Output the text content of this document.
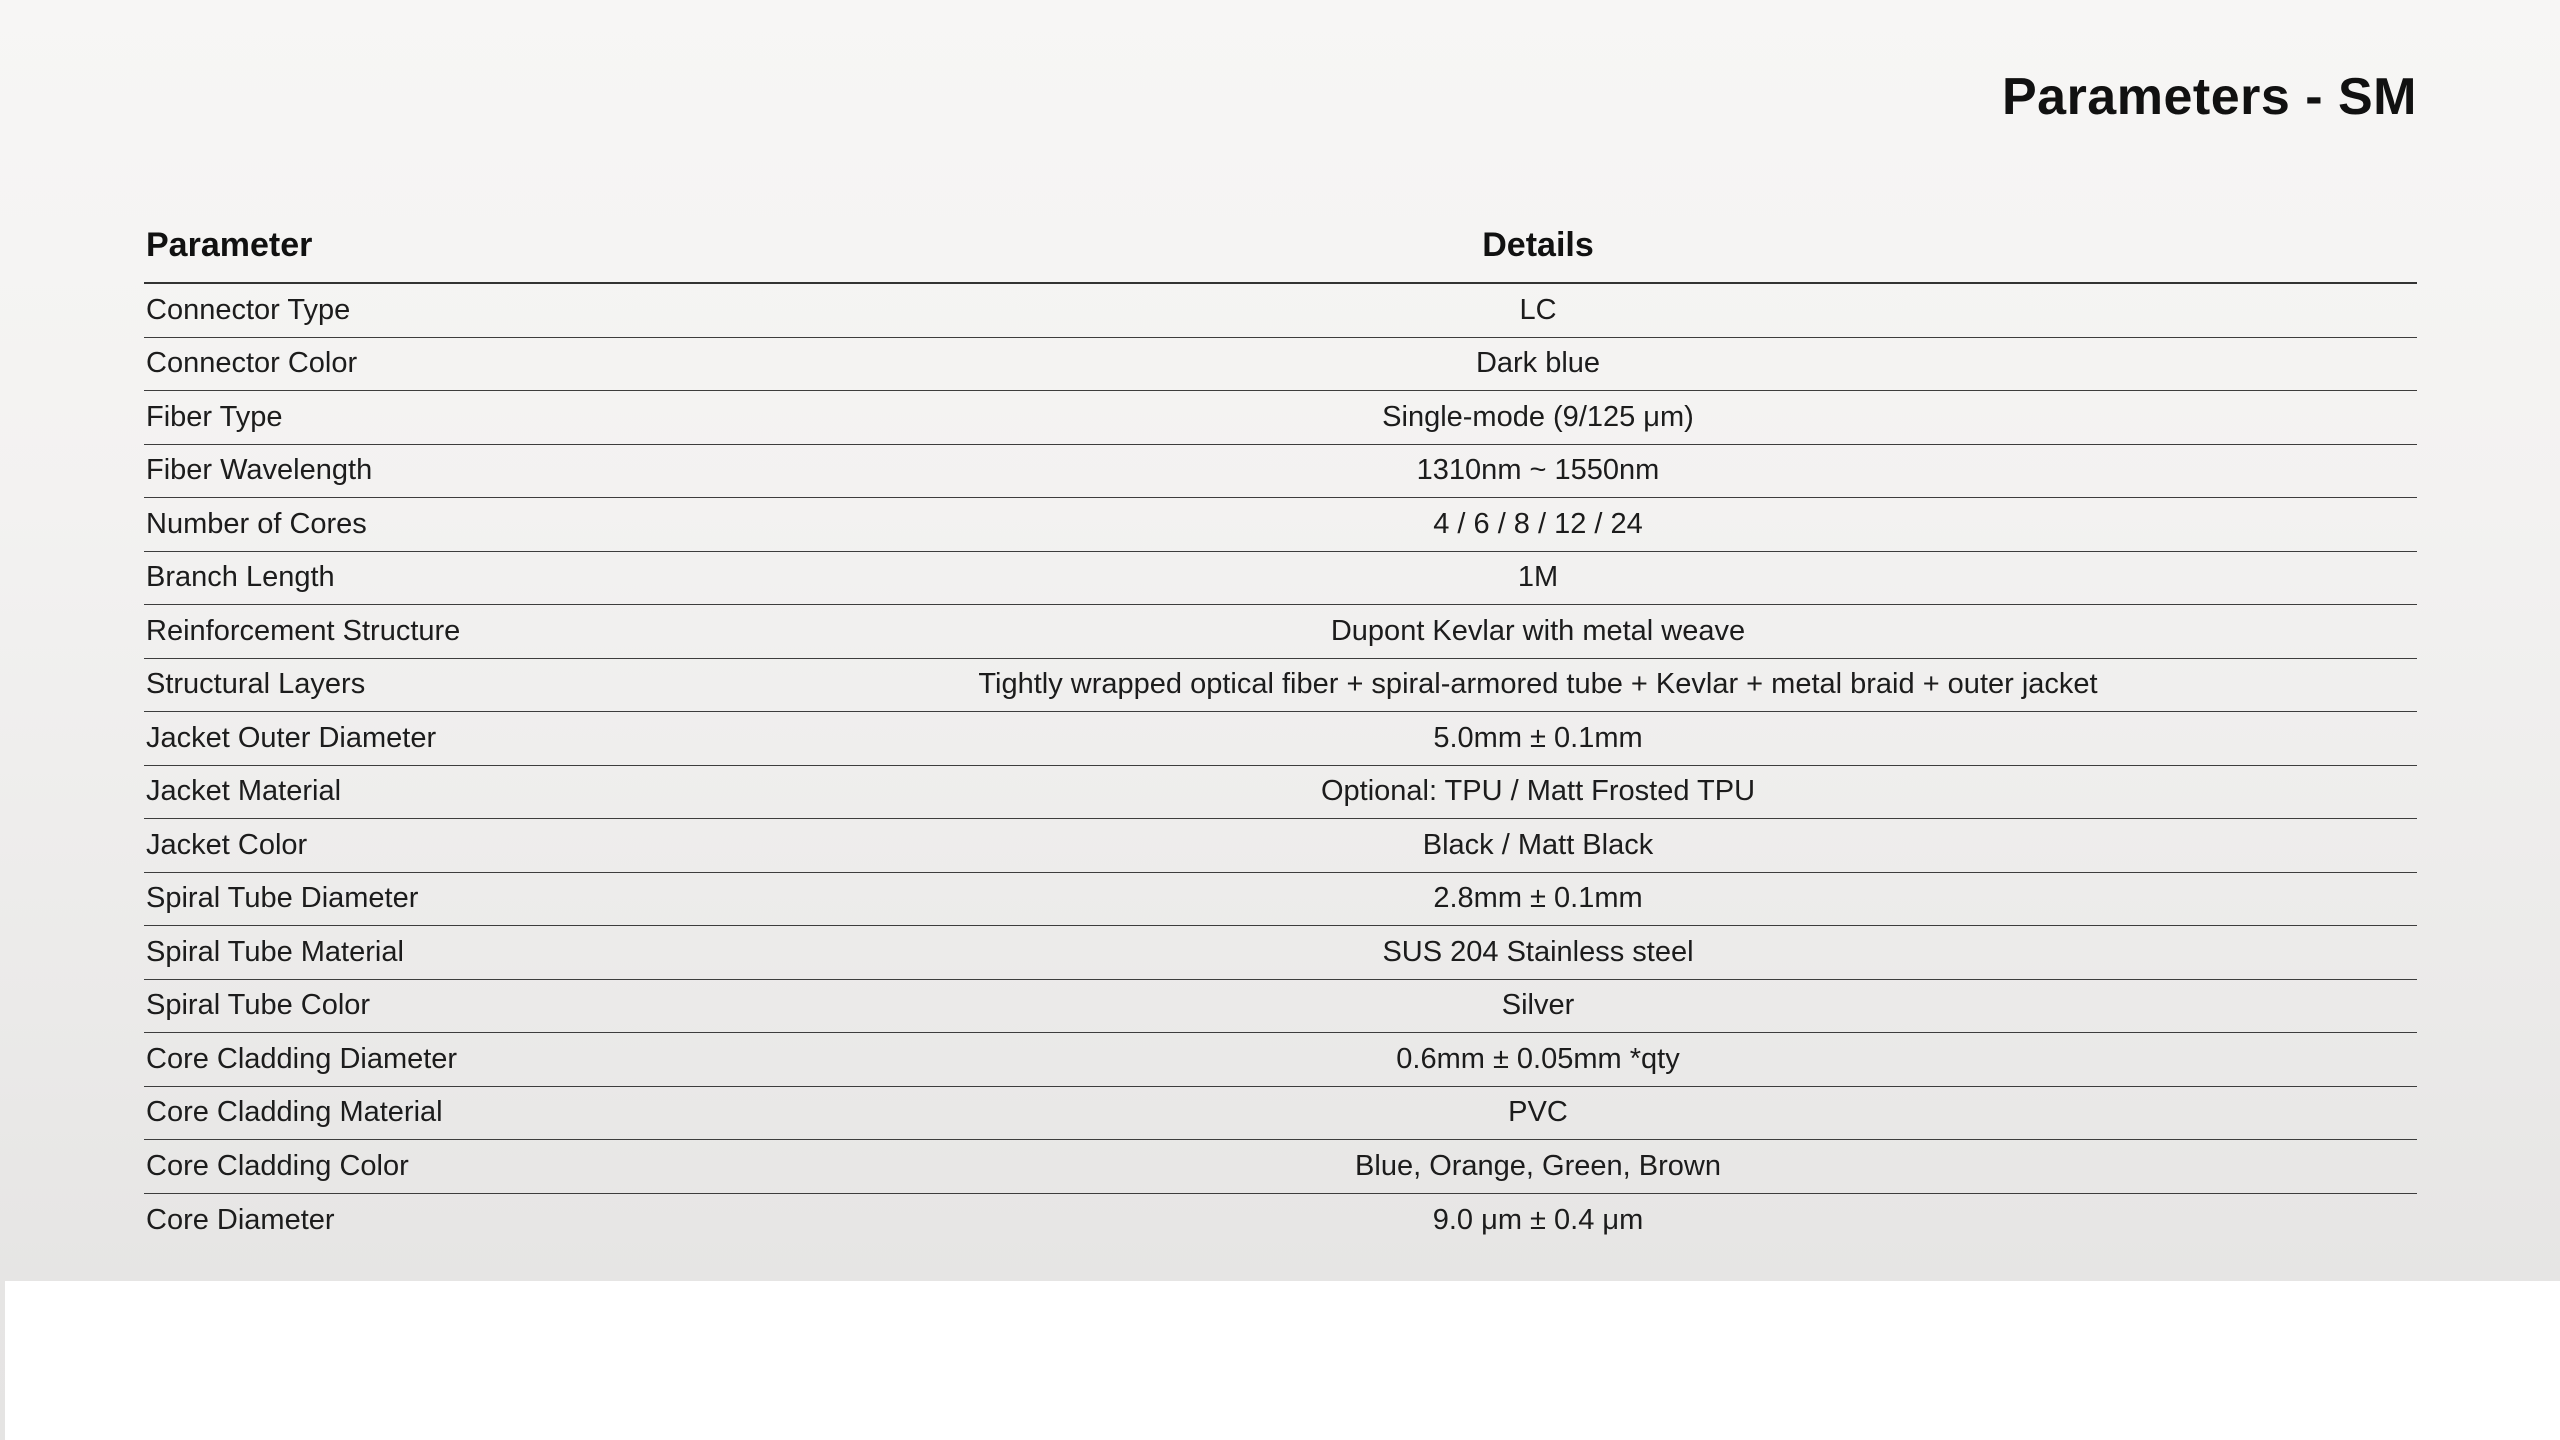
Parameters - SM
Parameter	Details
Connector Type	LC
Connector Color	Dark blue
Fiber Type	Single-mode (9/125 μm)
Fiber Wavelength	1310nm ~ 1550nm
Number of Cores	4 / 6 / 8 / 12 / 24
Branch Length	1M
Reinforcement Structure	Dupont Kevlar with metal weave
Structural Layers	Tightly wrapped optical fiber + spiral-armored tube + Kevlar + metal braid + outer jacket
Jacket Outer Diameter	5.0mm ± 0.1mm
Jacket Material	Optional: TPU / Matt Frosted TPU
Jacket Color	Black / Matt Black
Spiral Tube Diameter	2.8mm ± 0.1mm
Spiral Tube Material	SUS 204 Stainless steel
Spiral Tube Color	Silver
Core Cladding Diameter	0.6mm ± 0.05mm *qty
Core Cladding Material	PVC
Core Cladding Color	Blue, Orange, Green, Brown
Core Diameter	9.0 μm ± 0.4 μm
